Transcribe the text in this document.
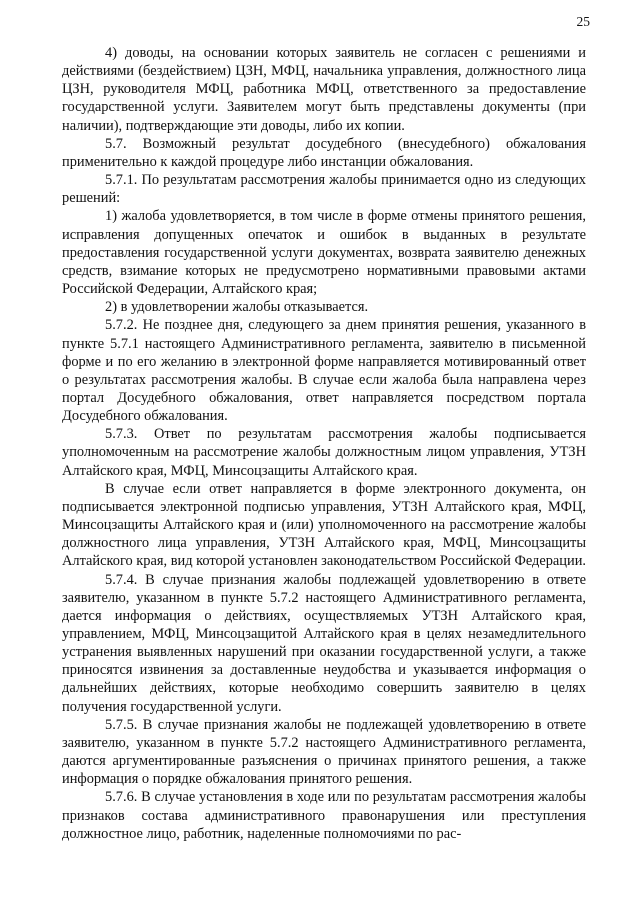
25

4) доводы, на основании которых заявитель не согласен с решениями и действиями (бездействием) ЦЗН, МФЦ, начальника управления, должностного лица ЦЗН, руководителя МФЦ, работника МФЦ, ответственного за предоставление государственной услуги. Заявителем могут быть представлены документы (при наличии), подтверждающие эти доводы, либо их копии.

5.7. Возможный результат досудебного (внесудебного) обжалования применительно к каждой процедуре либо инстанции обжалования.

5.7.1. По результатам рассмотрения жалобы принимается одно из следующих решений:

1) жалоба удовлетворяется, в том числе в форме отмены принятого решения, исправления допущенных опечаток и ошибок в выданных в результате предоставления государственной услуги документах, возврата заявителю денежных средств, взимание которых не предусмотрено нормативными правовыми актами Российской Федерации, Алтайского края;

2) в удовлетворении жалобы отказывается.

5.7.2. Не позднее дня, следующего за днем принятия решения, указанного в пункте 5.7.1 настоящего Административного регламента, заявителю в письменной форме и по его желанию в электронной форме направляется мотивированный ответ о результатах рассмотрения жалобы. В случае если жалоба была направлена через портал Досудебного обжалования, ответ направляется посредством портала Досудебного обжалования.

5.7.3. Ответ по результатам рассмотрения жалобы подписывается уполномоченным на рассмотрение жалобы должностным лицом управления, УТЗН Алтайского края, МФЦ, Минсоцзащиты Алтайского края.

В случае если ответ направляется в форме электронного документа, он подписывается электронной подписью управления, УТЗН Алтайского края, МФЦ, Минсоцзащиты Алтайского края и (или) уполномоченного на рассмотрение жалобы должностного лица управления, УТЗН Алтайского края, МФЦ, Минсоцзащиты Алтайского края, вид которой установлен законодательством Российской Федерации.

5.7.4. В случае признания жалобы подлежащей удовлетворению в ответе заявителю, указанном в пункте 5.7.2 настоящего Административного регламента, дается информация о действиях, осуществляемых УТЗН Алтайского края, управлением, МФЦ, Минсоцзащитой Алтайского края в целях незамедлительного устранения выявленных нарушений при оказании государственной услуги, а также приносятся извинения за доставленные неудобства и указывается информация о дальнейших действиях, которые необходимо совершить заявителю в целях получения государственной услуги.

5.7.5. В случае признания жалобы не подлежащей удовлетворению в ответе заявителю, указанном в пункте 5.7.2 настоящего Административного регламента, даются аргументированные разъяснения о причинах принятого решения, а также информация о порядке обжалования принятого решения.

5.7.6. В случае установления в ходе или по результатам рассмотрения жалобы признаков состава административного правонарушения или преступления должностное лицо, работник, наделенные полномочиями по рас-
